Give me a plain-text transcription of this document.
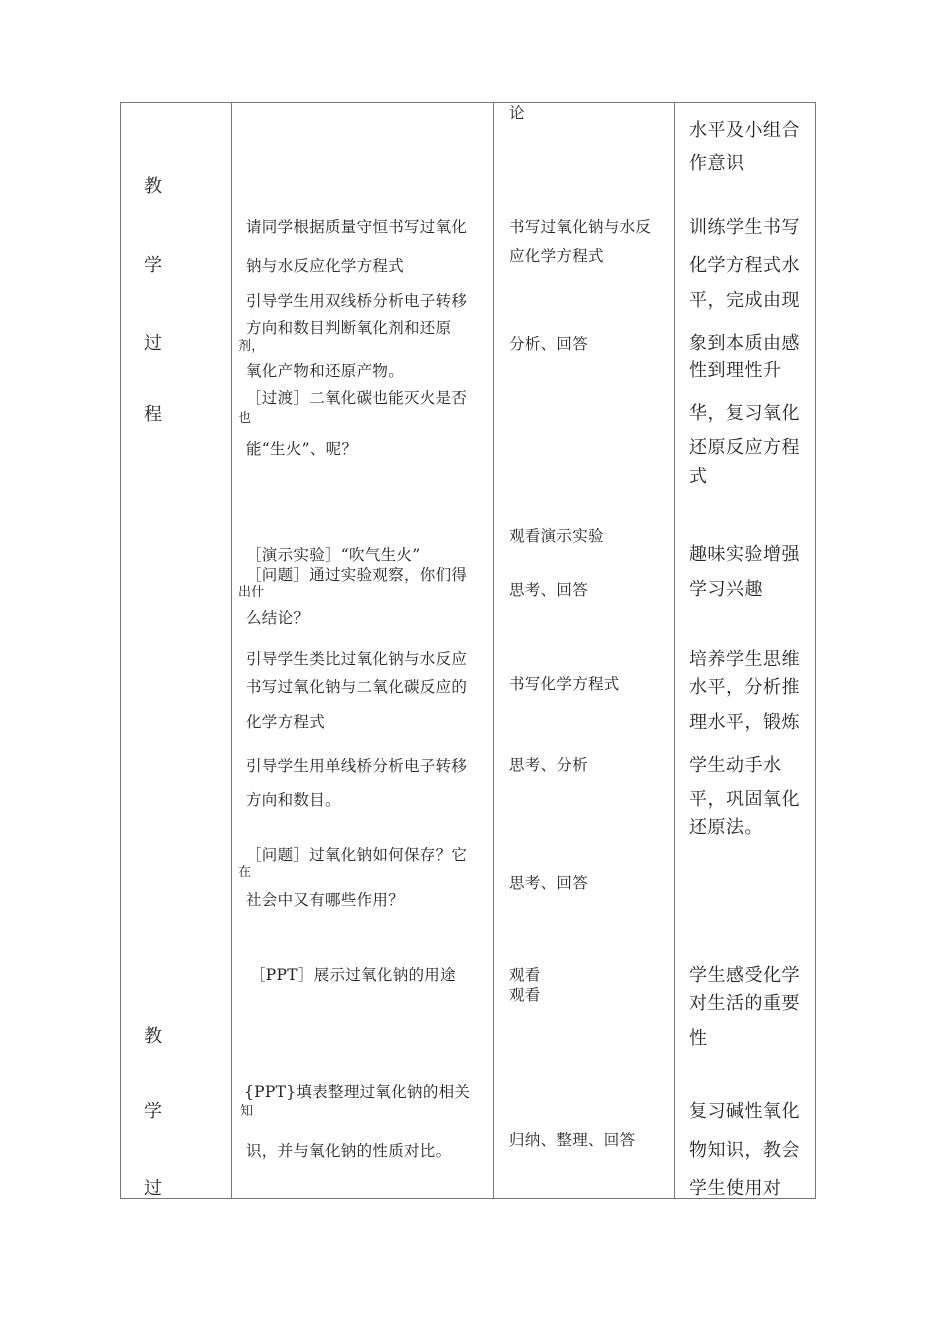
教
学
过
程
教
学
过
请同学根据质量守恒书写过氧化
钠与水反应化学方程式
引导学生用双线桥分析电子转移
方向和数目判断氧化剂和还原
剂，
氧化产物和还原产物。
［过渡］二氧化碳也能灭火是否
也
能“生火”、呢？
［演示实验］“吹气生火”
［问题］通过实验观察，你们得
出什
么结论？
引导学生类比过氧化钠与水反应
书写过氧化钠与二氧化碳反应的
化学方程式
引导学生用单线桥分析电子转移
方向和数目。
［问题］过氧化钠如何保存？它
在
社会中又有哪些作用？
［PPT］展示过氧化钠的用途
{PPT}填表整理过氧化钠的相关
知
识，并与氧化钠的性质对比。
论
书写过氧化钠与水反
应化学方程式
分析、回答
观看演示实验
思考、回答
书写化学方程式
思考、分析
思考、回答
观看
观看
归纳、整理、回答
水平及小组合
作意识
训练学生书写
化学方程式水
平，完成由现
象到本质由感
性到理性升
华，复习氧化
还原反应方程
式
趣味实验增强
学习兴趣
培养学生思维
水平，分析推
理水平，锻炼
学生动手水
平，巩固氧化
还原法。
学生感受化学
对生活的重要
性
复习碱性氧化
物知识，教会
学生使用对
